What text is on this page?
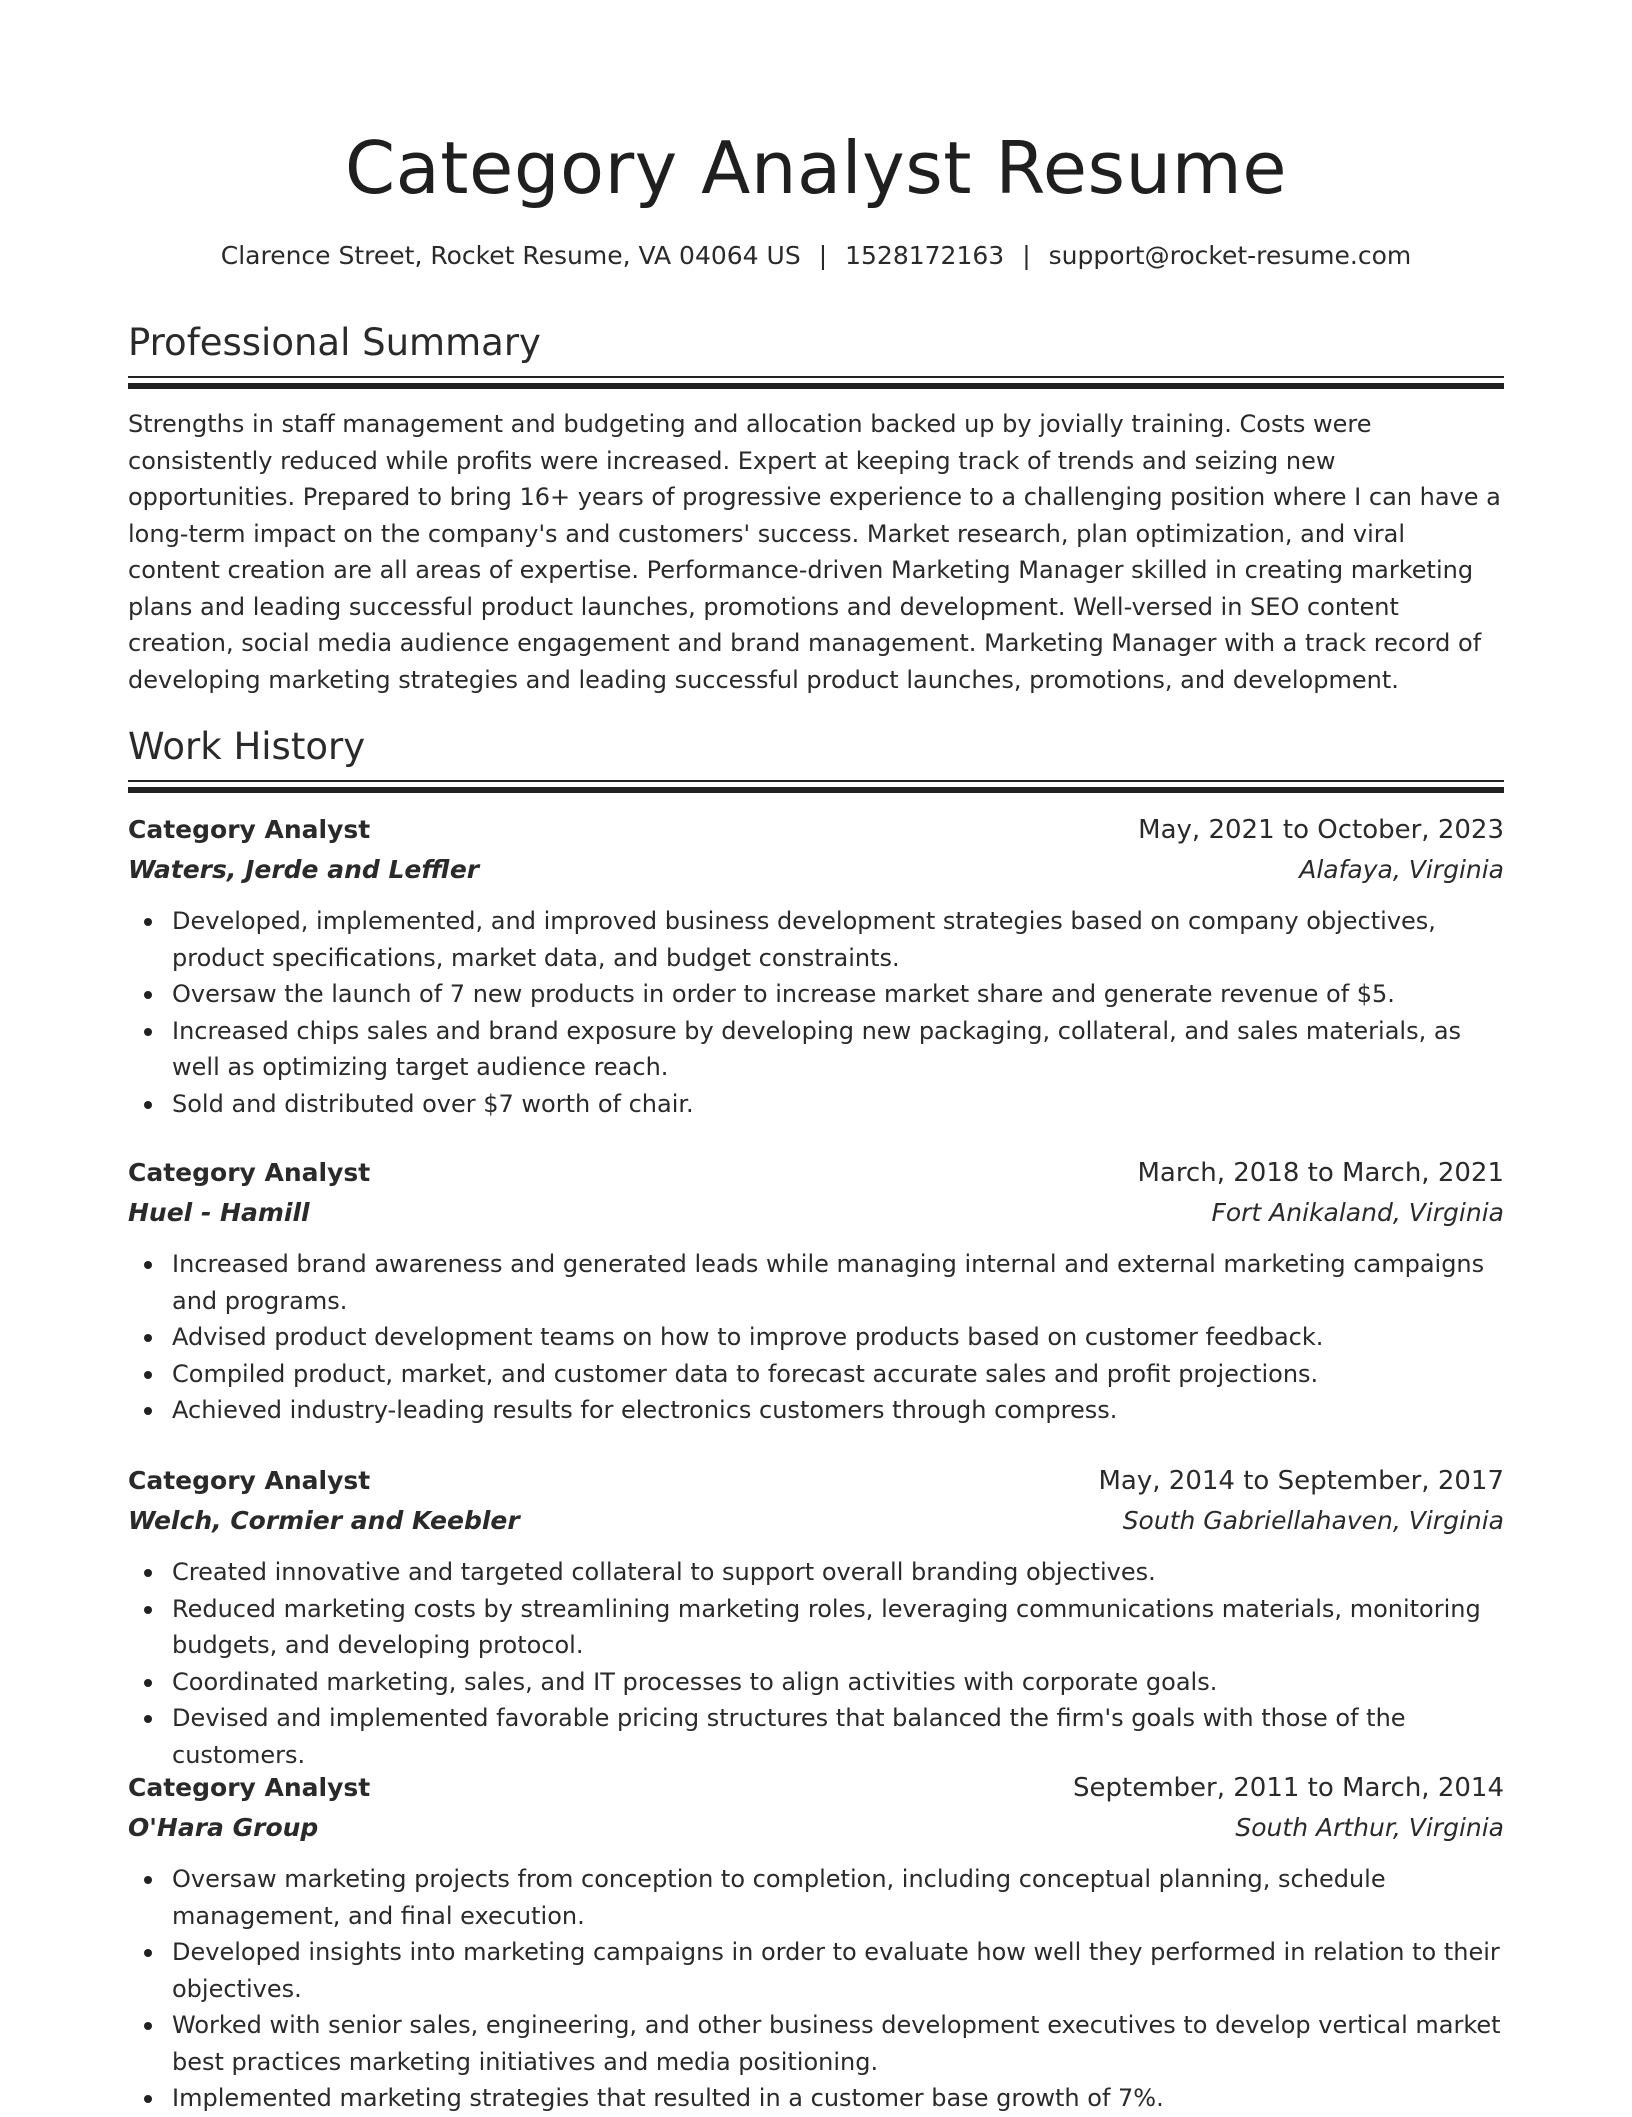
Category Analyst Resume
Clarence Street, Rocket Resume, VA 04064 US | 1528172163 | support@rocket-resume.com
Professional Summary

Strengths in staff management and budgeting and allocation backed up by jovially training. Costs were consistently reduced while profits were increased. Expert at keeping track of trends and seizing new opportunities. Prepared to bring 16+ years of progressive experience to a challenging position where I can have a long-term impact on the company's and customers' success. Market research, plan optimization, and viral content creation are all areas of expertise. Performance-driven Marketing Manager skilled in creating marketing plans and leading successful product launches, promotions and development. Well-versed in SEO content creation, social media audience engagement and brand management. Marketing Manager with a track record of developing marketing strategies and leading successful product launches, promotions, and development.

Work History
Category Analyst	May, 2021 to October, 2023
Waters, Jerde and Leffler	Alafaya, Virginia
Developed, implemented, and improved business development strategies based on company objectives, product specifications, market data, and budget constraints.
Oversaw the launch of 7 new products in order to increase market share and generate revenue of $5.
Increased chips sales and brand exposure by developing new packaging, collateral, and sales materials, as well as optimizing target audience reach.
Sold and distributed over $7 worth of chair.
Category Analyst	March, 2018 to March, 2021
Huel - Hamill	Fort Anikaland, Virginia
Increased brand awareness and generated leads while managing internal and external marketing campaigns and programs.
Advised product development teams on how to improve products based on customer feedback.
Compiled product, market, and customer data to forecast accurate sales and profit projections.
Achieved industry-leading results for electronics customers through compress.
Category Analyst	May, 2014 to September, 2017
Welch, Cormier and Keebler	South Gabriellahaven, Virginia
Created innovative and targeted collateral to support overall branding objectives.
Reduced marketing costs by streamlining marketing roles, leveraging communications materials, monitoring budgets, and developing protocol.
Coordinated marketing, sales, and IT processes to align activities with corporate goals.
Devised and implemented favorable pricing structures that balanced the firm's goals with those of the customers.
Category Analyst	September, 2011 to March, 2014
O'Hara Group	South Arthur, Virginia
Oversaw marketing projects from conception to completion, including conceptual planning, schedule management, and final execution.
Developed insights into marketing campaigns in order to evaluate how well they performed in relation to their objectives.
Worked with senior sales, engineering, and other business development executives to develop vertical market best practices marketing initiatives and media positioning.
Implemented marketing strategies that resulted in a customer base growth of 7%.
